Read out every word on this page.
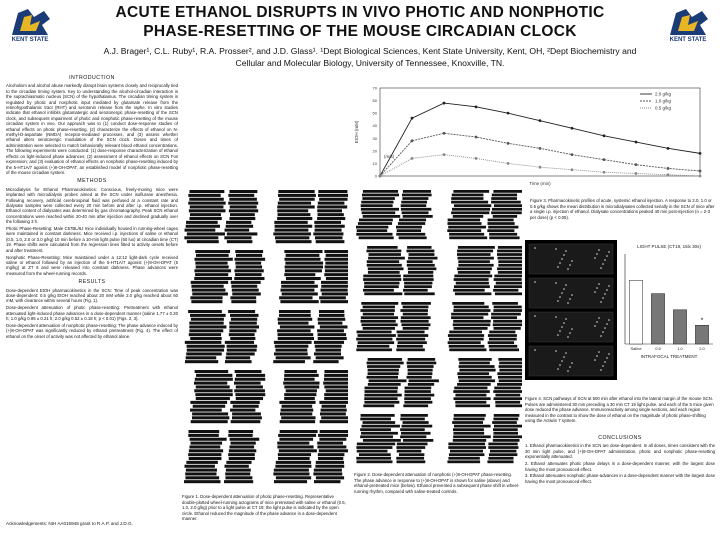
KENT STATE	KENT STATE
ACUTE ETHANOL DISRUPTS IN VIVO PHOTIC AND NONPHOTIC
PHASE-RESETTING OF THE MOUSE CIRCADIAN CLOCK
A.J. Brager¹, C.L. Ruby¹, R.A. Prosser², and J.D. Glass¹. ¹Dept Biological Sciences, Kent State University, Kent, OH, ²Dept Biochemistry and
Cellular and Molecular Biology, University of Tennessee, Knoxville, TN.
INTRODUCTION

Alcoholism and alcohol abuse markedly disrupt brain systems closely and reciprocally tied to the circadian timing system. Key to understanding the alcohol-circadian interaction is the suprachiasmatic nucleus (SCN) of the hypothalamus. The circadian timing system is regulated by photic and nonphotic input mediated by glutamate release from the retinohypothalamic tract (RHT) and serotonin release from the raphe. In vitro studies indicate that ethanol inhibits glutamatergic and serotonergic phase-resetting of the SCN clock, and subsequent impairment of photic and nonphotic phase-resetting of the mouse circadian system in vivo. Our approach was to (1) conduct dose-response studies of ethanol effects on photic phase-resetting, (2) characterize the effects of ethanol on N-methyl-D-aspartate (NMDA) receptor-mediated processes, and (3) assess whether ethanol alters serotonergic modulation of the SCN clock. Doses and times of administration were selected to match behaviorally relevant blood ethanol concentrations. The following experiments were conducted: (1) dose-response characterization of ethanol effects on light-induced phase advances; (2) assessment of ethanol effects on SCN Fos expression; and (3) evaluation of ethanol effects on nonphotic phase-resetting induced by the 5-HT1A/7 agonist (+)8-OH-DPAT, an established model of nonphotic phase-resetting of the mouse circadian system.

METHODS

Microdialysis for Ethanol Pharmacokinetics: Conscious, freely-moving mice were implanted with microdialysis probes aimed at the SCN under isoflurane anesthesia. Following recovery, artificial cerebrospinal fluid was perfused at a constant rate and dialysate samples were collected every 20 min before and after i.p. ethanol injection. Ethanol content of dialysates was determined by gas chromatography. Peak SCN ethanol concentrations were reached within 20-40 min after injection and declined gradually over the following 3 h.

Photic Phase-Resetting: Male C57BL/6J mice individually housed in running-wheel cages were maintained in constant darkness. Mice received i.p. injections of saline or ethanol (0.5, 1.0, 2.0 or 3.0 g/kg) 10 min before a 10-min light pulse (50 lux) at circadian time (CT) 19. Phase shifts were calculated from the regression lines fitted to activity onsets before and after treatment.

Nonphotic Phase-Resetting: Mice maintained under a 12:12 light-dark cycle received saline or ethanol followed by an injection of the 5-HT1A/7 agonist (+)8-OH-DPAT (5 mg/kg) at ZT 6 and were released into constant darkness. Phase advances were measured from the wheel-running records.

RESULTS

Dose-dependent EtOH pharmacokinetics in the SCN: Time of peak concentration was dose-dependent: 0.5 g/kg EtOH reached about 20 mM while 2.0 g/kg reached about 60 mM, with clearance within several hours (Fig. 1).

Dose-dependent attenuation of photic phase-resetting: Pretreatment with ethanol attenuated light-induced phase advances in a dose-dependent manner (saline 1.77 ± 0.20 h; 1.0 g/kg 0.95 ± 0.21 h; 2.0 g/kg 0.52 ± 0.18 h; p < 0.01) (Figs. 2, 3).

Dose-dependent attenuation of nonphotic phase-resetting: The phase advance induced by (+)8-OH-DPAT was significantly reduced by ethanol pretreatment (Fig. 4). The effect of ethanol on the onset of activity was not affected by ethanol alone.

Acknowledgements: NIH AA015948 grant to R.A.P. and J.D.G.
Figure 1. Dose-dependent attenuation of photic phase-resetting. Representative double-plotted wheel-running actograms of mice pretreated with saline or ethanol (0.5, 1.0, 2.0 g/kg) prior to a light pulse at CT 19; the light pulse is indicated by the open circle. Ethanol reduced the magnitude of the phase advance in a dose-dependent manner.
Figure 2. Dose-dependent attenuation of nonphotic (+)8-OH-DPAT phase-resetting. The phase advance in response to (+)8-OH-DPAT is shown for saline (above) and ethanol-pretreated mice (below). Ethanol prevented a subsequent phase shift in wheel-running rhythm, compared with saline-treated controls.
0
10
20
30
40
50
60
70
EtOH (mM)
(m/s)
2.0 g/kg
1.0 g/kg
0.5 g/kg
Time (min)
Figure 3. Pharmacokinetic profiles of acute, systemic ethanol injection. A response to 2.0, 1.0 or 0.5 g/kg shows the mean distribution in microdialysates collected serially in the SCN of mice after a single i.p. injection of ethanol. Dialysate concentrations peaked 40 min post-injection (n = 2-3 per dose) (p < 0.05).
LIGHT PULSE (CT19, 15lx 30s)
Saline	0.5	1.0	2.0
*
INTRAFOCAL TREATMENT
Figure 4. SCN pathways of SCN at 500 min after ethanol into the lateral margin of the mouse SCN. Pulses are administered 30 min preceding a 30 min CT 19 light pulse, and each of the 5 mice given dose reduced the phase advance. Immunoreactivity among single sections, and each region measured in the contrast to show the dose of ethanol on the magnitude of photic phase-shifting using the Actiwin 7 system.
CONCLUSIONS

1. Ethanol pharmacokinetics in the SCN are dose-dependent. In all doses, times consistent with the 30 min light pulse, and (+)8-OH-DPAT administration, photic and nonphotic phase-resetting exponentially attenuated.

2. Ethanol attenuates photic phase delays in a dose-dependent manner, with the largest dose having the most pronounced effect.

3. Ethanol attenuates nonphotic phase-advances in a dose-dependent manner with the largest dose having the most pronounced effect.
